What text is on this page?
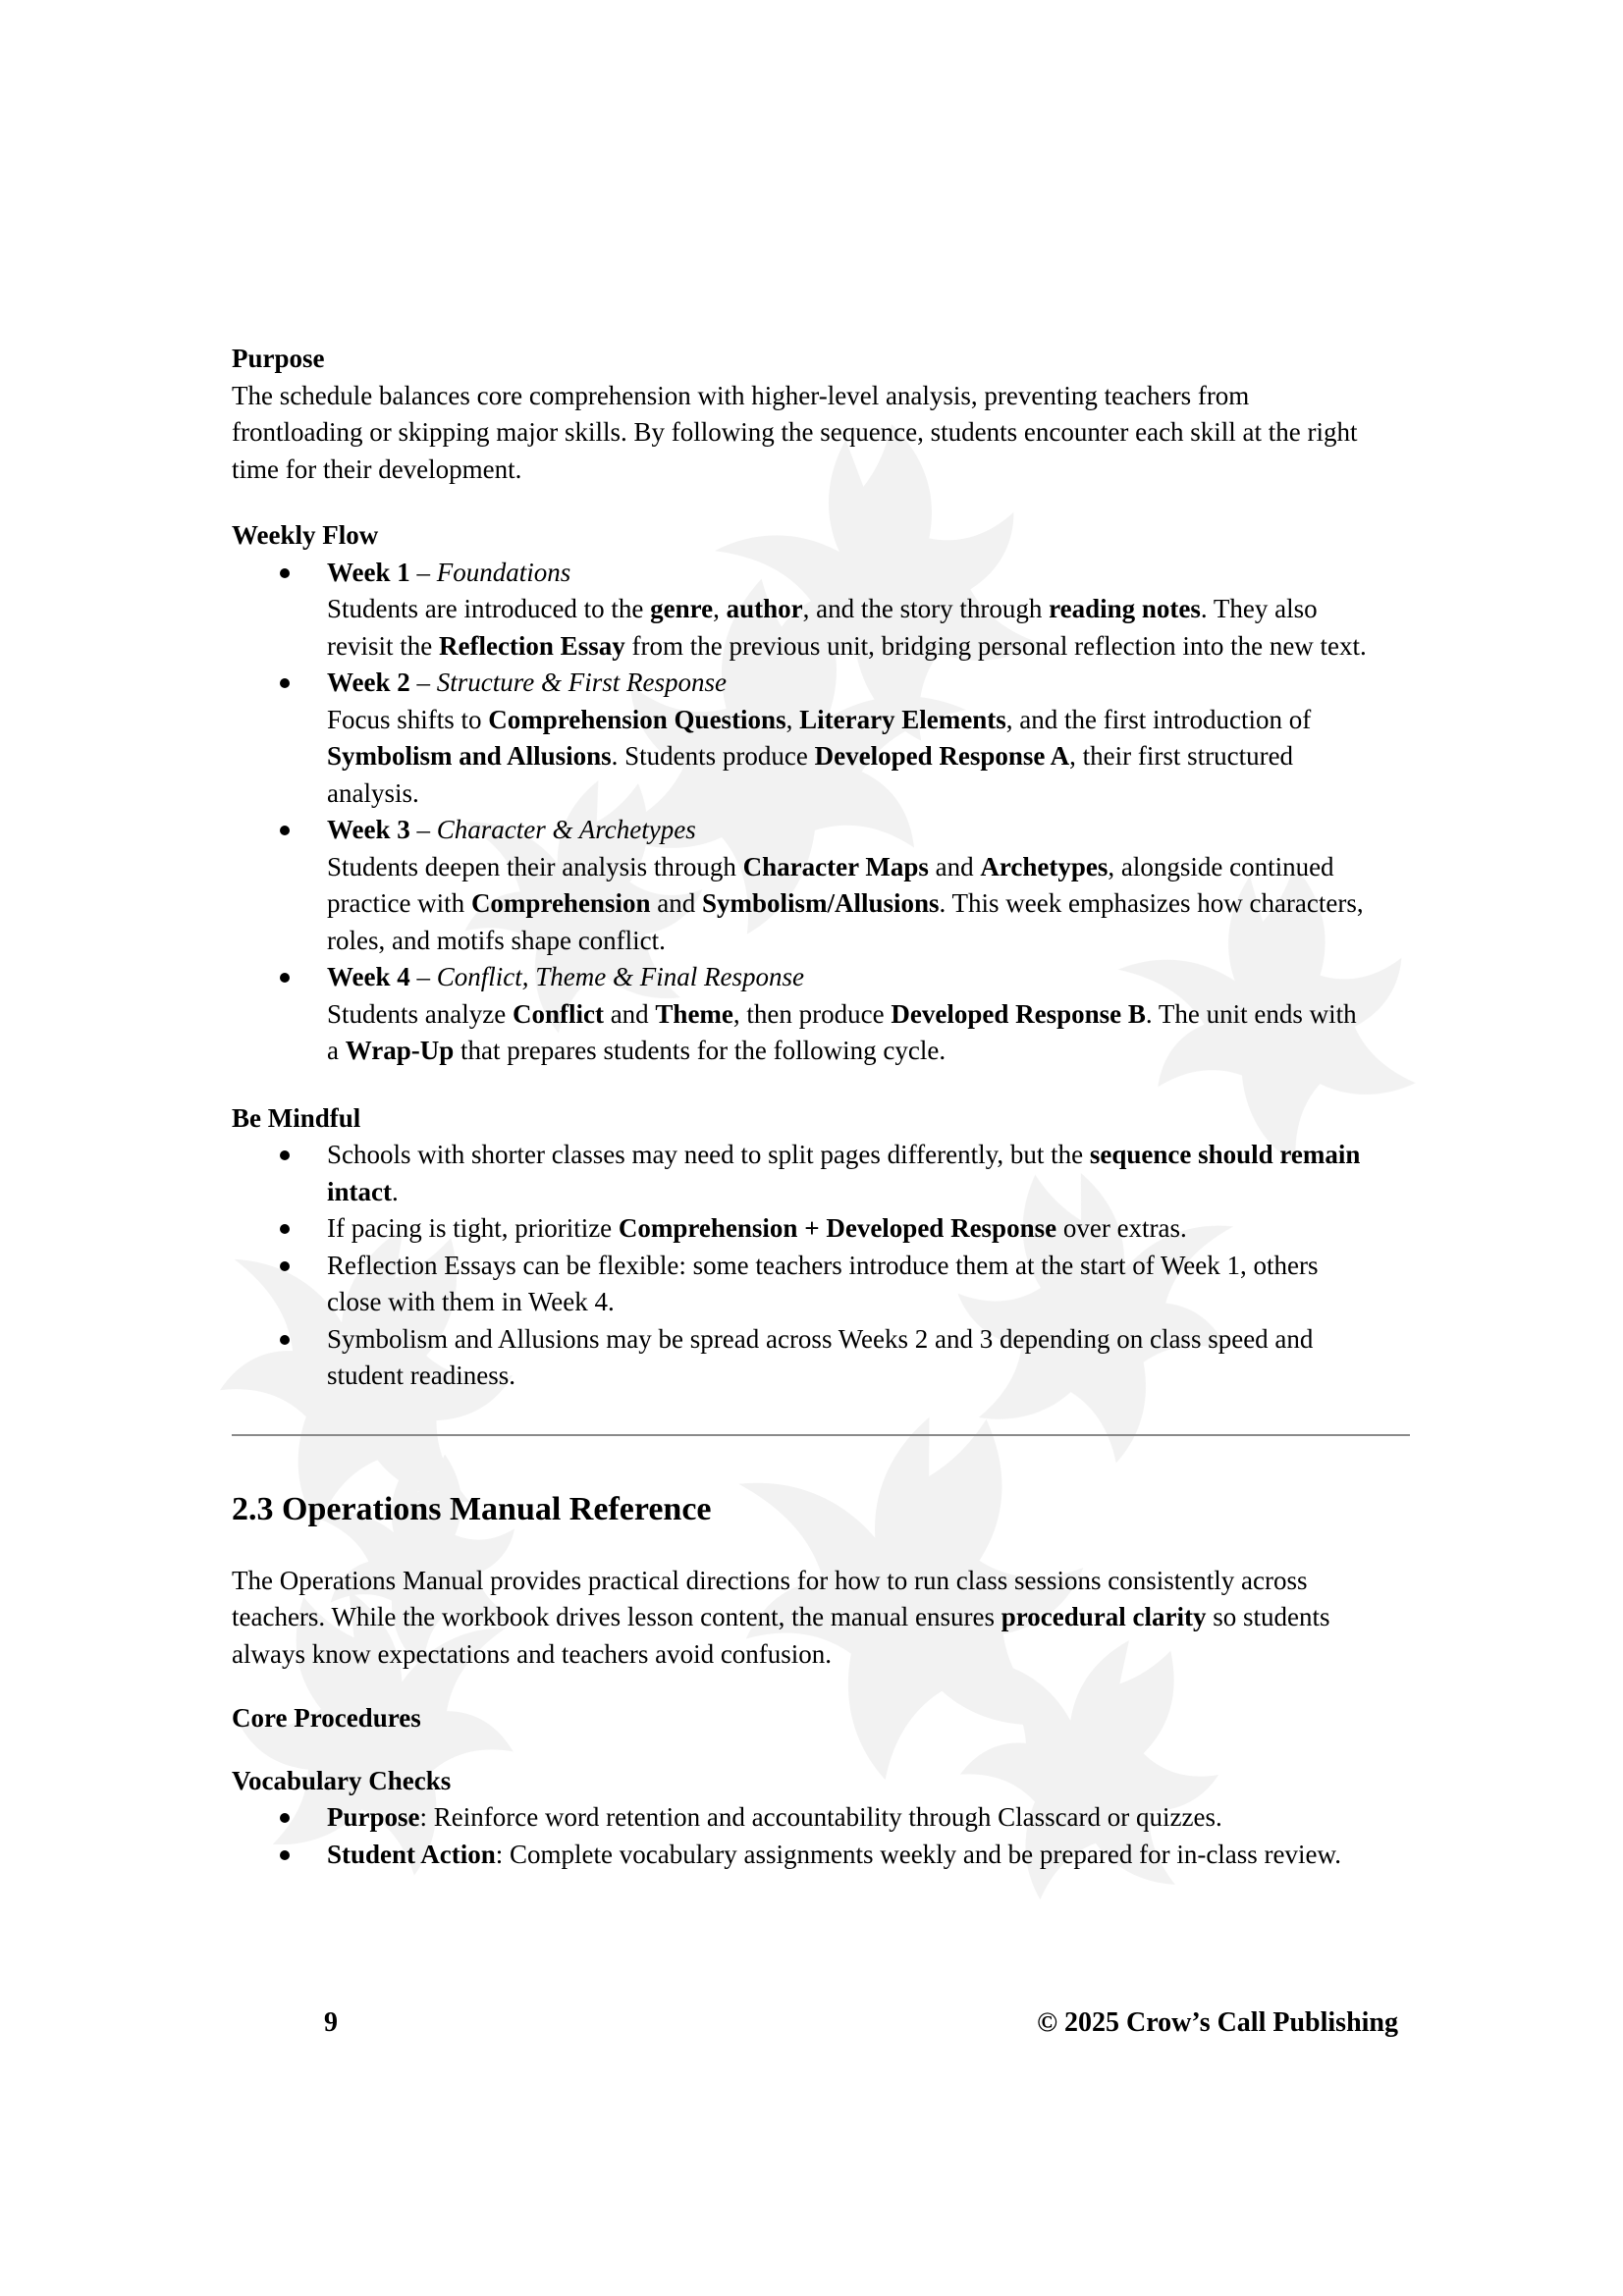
Purpose
The schedule balances core comprehension with higher-level analysis, preventing teachers from
frontloading or skipping major skills. By following the sequence, students encounter each skill at the right
time for their development.
Weekly Flow
Week 1 – Foundations
Students are introduced to the genre, author, and the story through reading notes. They also
revisit the Reflection Essay from the previous unit, bridging personal reflection into the new text.
Week 2 – Structure & First Response
Focus shifts to Comprehension Questions, Literary Elements, and the first introduction of
Symbolism and Allusions. Students produce Developed Response A, their first structured
analysis.
Week 3 – Character & Archetypes
Students deepen their analysis through Character Maps and Archetypes, alongside continued
practice with Comprehension and Symbolism/Allusions. This week emphasizes how characters,
roles, and motifs shape conflict.
Week 4 – Conflict, Theme & Final Response
Students analyze Conflict and Theme, then produce Developed Response B. The unit ends with
a Wrap-Up that prepares students for the following cycle.
Be Mindful
Schools with shorter classes may need to split pages differently, but the sequence should remain
intact.
If pacing is tight, prioritize Comprehension + Developed Response over extras.
Reflection Essays can be flexible: some teachers introduce them at the start of Week 1, others
close with them in Week 4.
Symbolism and Allusions may be spread across Weeks 2 and 3 depending on class speed and
student readiness.
2.3 Operations Manual Reference
The Operations Manual provides practical directions for how to run class sessions consistently across
teachers. While the workbook drives lesson content, the manual ensures procedural clarity so students
always know expectations and teachers avoid confusion.
Core Procedures
Vocabulary Checks
Purpose: Reinforce word retention and accountability through Classcard or quizzes.
Student Action: Complete vocabulary assignments weekly and be prepared for in-class review.
9	© 2025 Crow’s Call Publishing
